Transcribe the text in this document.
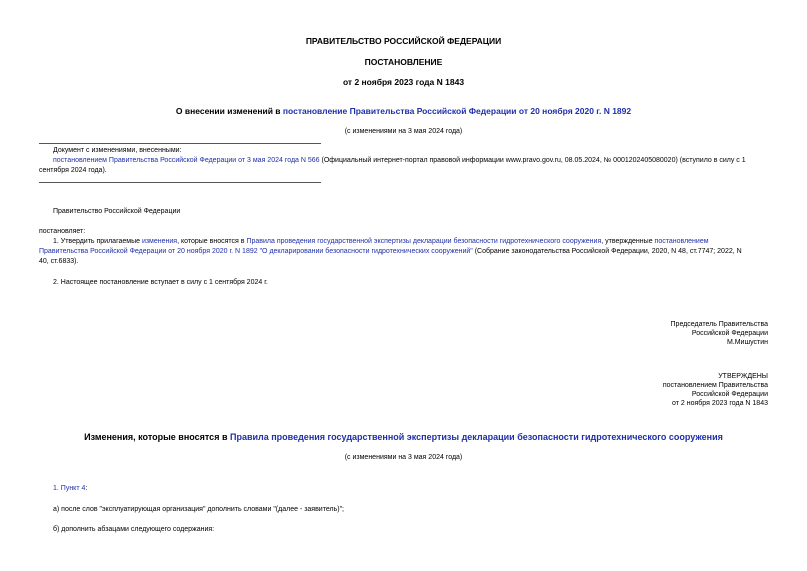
ПРАВИТЕЛЬСТВО РОССИЙСКОЙ ФЕДЕРАЦИИ
ПОСТАНОВЛЕНИЕ
от 2 ноября 2023 года N 1843
О внесении изменений в постановление Правительства Российской Федерации от 20 ноября 2020 г. N 1892
(с изменениями на 3 мая 2024 года)
Документ с изменениями, внесенными:
постановлением Правительства Российской Федерации от 3 мая 2024 года N 566 (Официальный интернет-портал правовой информации www.pravo.gov.ru, 08.05.2024, № 0001202405080020) (вступило в силу с 1
сентября 2024 года).
Правительство Российской Федерации
постановляет:
1. Утвердить прилагаемые изменения, которые вносятся в Правила проведения государственной экспертизы декларации безопасности гидротехнического сооружения, утвержденные постановлением
Правительства Российской Федерации от 20 ноября 2020 г. N 1892 "О декларировании безопасности гидротехнических сооружений" (Собрание законодательства Российской Федерации, 2020, N 48, ст.7747; 2022, N
40, ст.6833).
2. Настоящее постановление вступает в силу с 1 сентября 2024 г.

Председатель Правительства

Российской Федерации

М.Мишустин

УТВЕРЖДЕНЫ

постановлением Правительства

Российской Федерации

от 2 ноября 2023 года N 1843

Изменения, которые вносятся в Правила проведения государственной экспертизы декларации безопасности гидротехнического сооружения
(с изменениями на 3 мая 2024 года)
1. Пункт 4:
а) после слов "эксплуатирующая организация" дополнить словами "(далее - заявитель)";
б) дополнить абзацами следующего содержания:
